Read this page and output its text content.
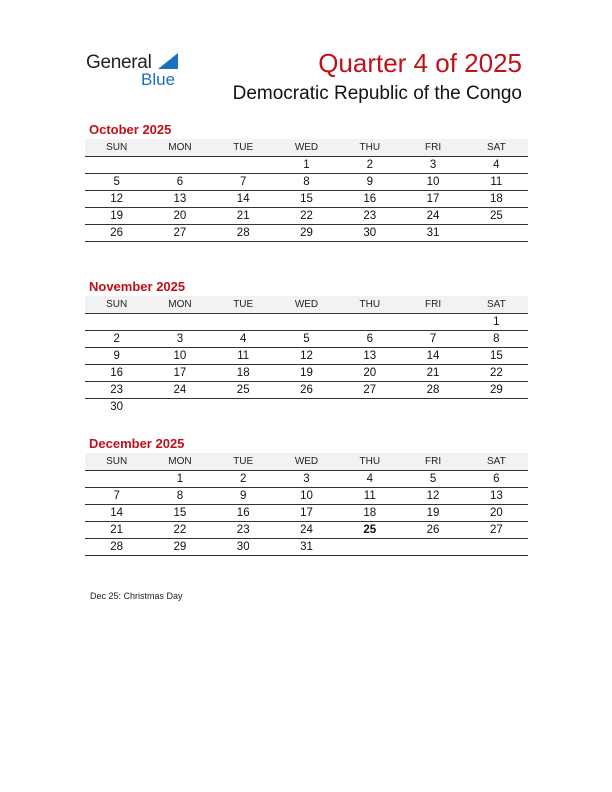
General
Blue
Quarter 4 of 2025
Democratic Republic of the Congo
October 2025
SUN	MON	TUE	WED	THU	FRI	SAT
			1	2	3	4
5	6	7	8	9	10	11
12	13	14	15	16	17	18
19	20	21	22	23	24	25
26	27	28	29	30	31	
November 2025
SUN	MON	TUE	WED	THU	FRI	SAT
						1
2	3	4	5	6	7	8
9	10	11	12	13	14	15
16	17	18	19	20	21	22
23	24	25	26	27	28	29
30						
December 2025
SUN	MON	TUE	WED	THU	FRI	SAT
	1	2	3	4	5	6
7	8	9	10	11	12	13
14	15	16	17	18	19	20
21	22	23	24	25	26	27
28	29	30	31			
Dec 25: Christmas Day
